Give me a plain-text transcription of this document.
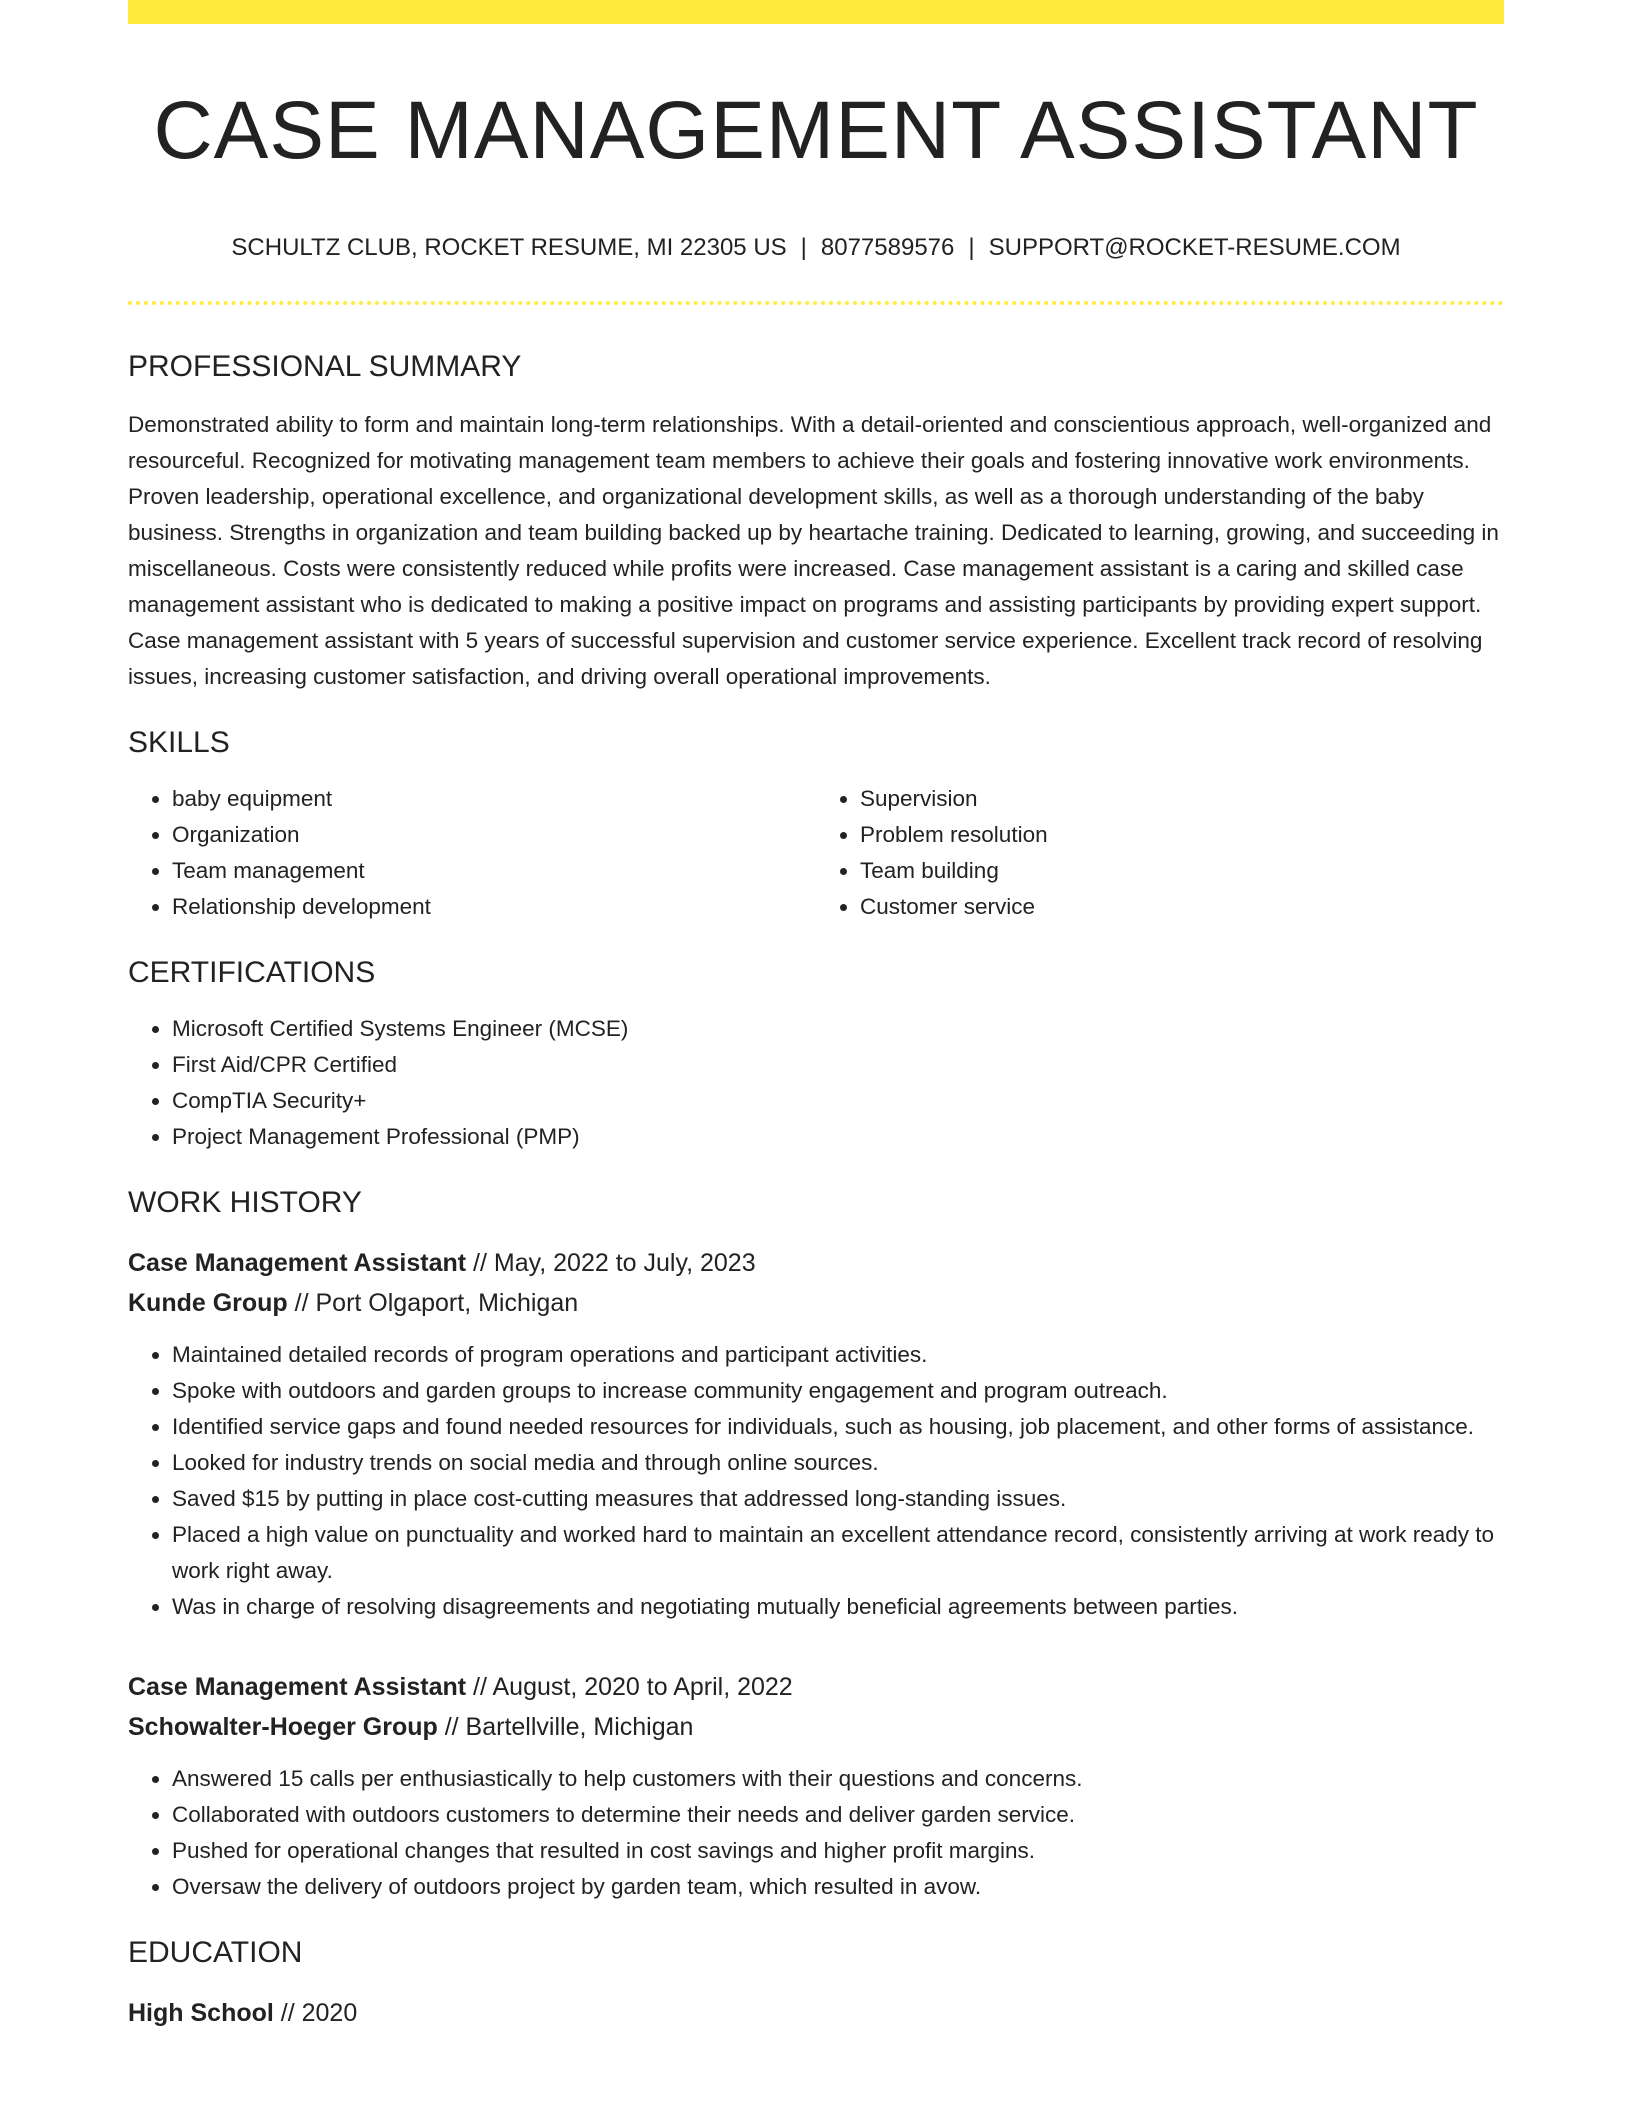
CASE MANAGEMENT ASSISTANT
SCHULTZ CLUB, ROCKET RESUME, MI 22305 US | 8077589576 | SUPPORT@ROCKET-RESUME.COM
PROFESSIONAL SUMMARY

Demonstrated ability to form and maintain long-term relationships. With a detail-oriented and conscientious approach, well-organized and resourceful. Recognized for motivating management team members to achieve their goals and fostering innovative work environments. Proven leadership, operational excellence, and organizational development skills, as well as a thorough understanding of the baby business. Strengths in organization and team building backed up by heartache training. Dedicated to learning, growing, and succeeding in miscellaneous. Costs were consistently reduced while profits were increased. Case management assistant is a caring and skilled case management assistant who is dedicated to making a positive impact on programs and assisting participants by providing expert support. Case management assistant with 5 years of successful supervision and customer service experience. Excellent track record of resolving issues, increasing customer satisfaction, and driving overall operational improvements.

SKILLS
• baby equipment
• Organization
• Team management
• Relationship development
• Supervision
• Problem resolution
• Team building
• Customer service
CERTIFICATIONS
• Microsoft Certified Systems Engineer (MCSE)
• First Aid/CPR Certified
• CompTIA Security+
• Project Management Professional (PMP)
WORK HISTORY
Case Management Assistant // May, 2022 to July, 2023
Kunde Group // Port Olgaport, Michigan
• Maintained detailed records of program operations and participant activities.
• Spoke with outdoors and garden groups to increase community engagement and program outreach.
• Identified service gaps and found needed resources for individuals, such as housing, job placement, and other forms of assistance.
• Looked for industry trends on social media and through online sources.
• Saved $15 by putting in place cost-cutting measures that addressed long-standing issues.
• Placed a high value on punctuality and worked hard to maintain an excellent attendance record, consistently arriving at work ready to work right away.
• Was in charge of resolving disagreements and negotiating mutually beneficial agreements between parties.
Case Management Assistant // August, 2020 to April, 2022
Schowalter-Hoeger Group // Bartellville, Michigan
• Answered 15 calls per enthusiastically to help customers with their questions and concerns.
• Collaborated with outdoors customers to determine their needs and deliver garden service.
• Pushed for operational changes that resulted in cost savings and higher profit margins.
• Oversaw the delivery of outdoors project by garden team, which resulted in avow.
EDUCATION
High School // 2020
